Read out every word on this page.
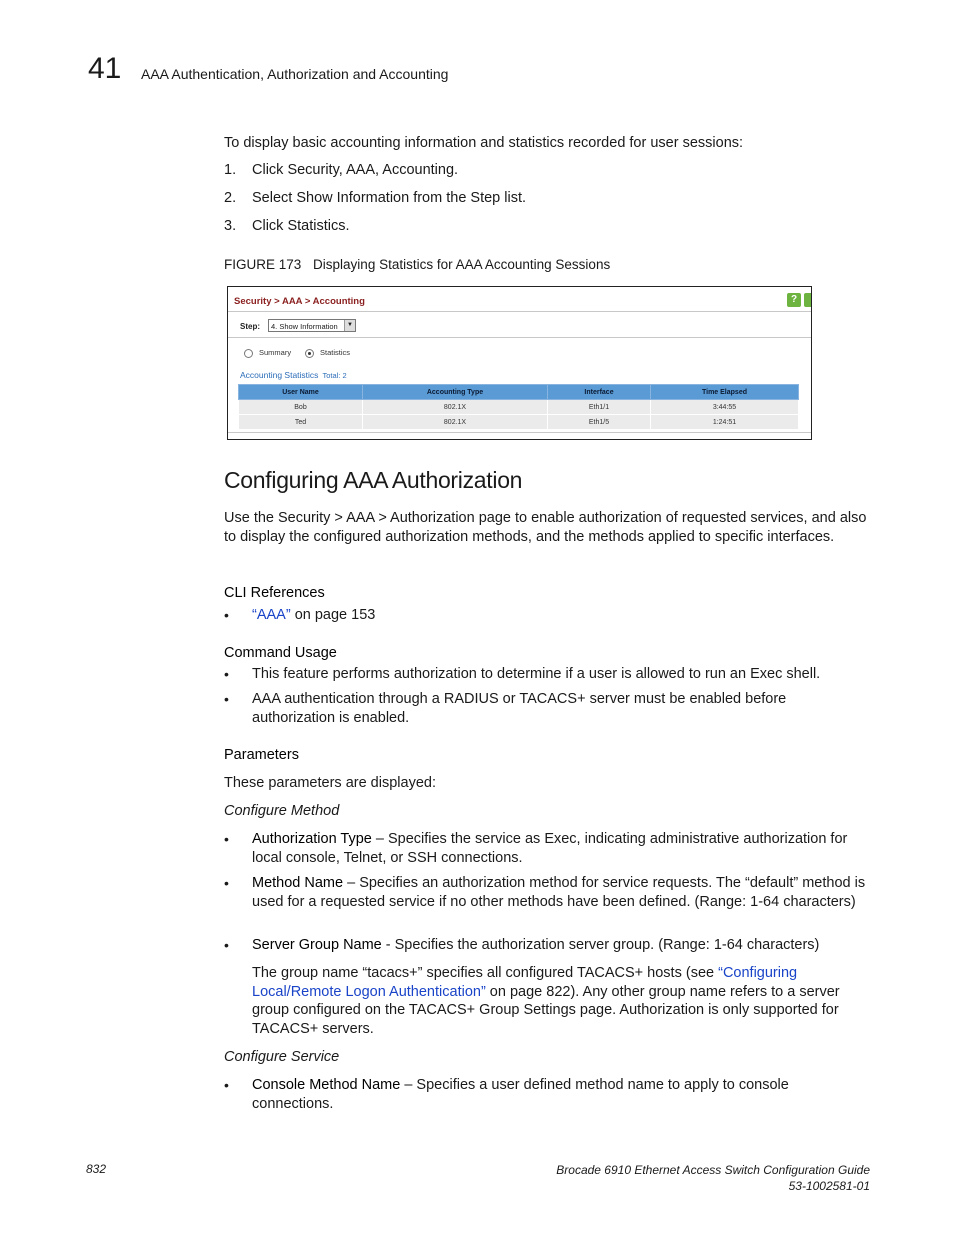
41 AAA Authentication, Authorization and Accounting
To display basic accounting information and statistics recorded for user sessions:
1. Click Security, AAA, Accounting.
2. Select Show Information from the Step list.
3. Click Statistics.
FIGURE 173 Displaying Statistics for AAA Accounting Sessions
Security > AAA > Accounting	?
Step:	4. Show Information	▼
Summary	Statistics
Accounting Statistics Total: 2
User Name	Accounting Type	Interface	Time Elapsed
Bob	802.1X	Eth1/1	3:44:55
Ted	802.1X	Eth1/5	1:24:51
Configuring AAA Authorization
Use the Security > AAA > Authorization page to enable authorization of requested services, and also to display the configured authorization methods, and the methods applied to specific interfaces.
CLI References
• “AAA” on page 153
Command Usage
• This feature performs authorization to determine if a user is allowed to run an Exec shell.
• AAA authentication through a RADIUS or TACACS+ server must be enabled before authorization is enabled.
Parameters
These parameters are displayed:
Configure Method
• Authorization Type – Specifies the service as Exec, indicating administrative authorization for local console, Telnet, or SSH connections.
• Method Name – Specifies an authorization method for service requests. The “default” method is used for a requested service if no other methods have been defined. (Range: 1-64 characters)
• Server Group Name - Specifies the authorization server group. (Range: 1-64 characters)
The group name “tacacs+” specifies all configured TACACS+ hosts (see “Configuring Local/Remote Logon Authentication” on page 822). Any other group name refers to a server group configured on the TACACS+ Group Settings page. Authorization is only supported for TACACS+ servers.
Configure Service
• Console Method Name – Specifies a user defined method name to apply to console connections.
832	Brocade 6910 Ethernet Access Switch Configuration Guide
53-1002581-01
